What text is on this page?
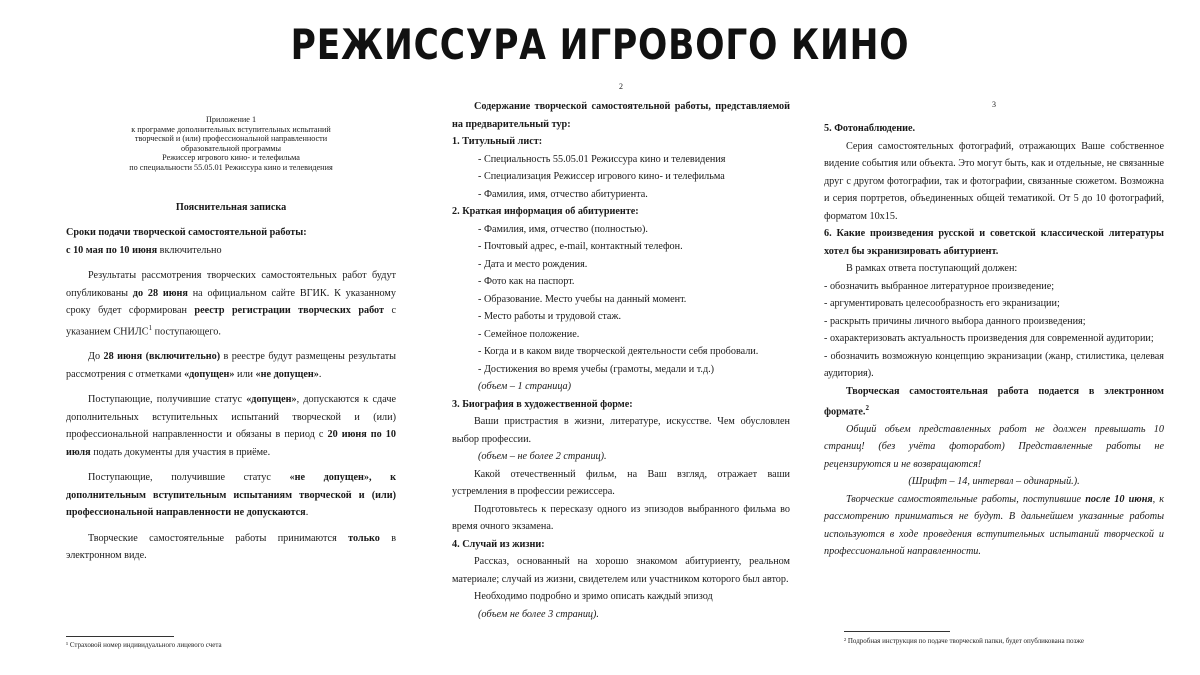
РЕЖИССУРА ИГРОВОГО КИНО
Приложение 1
к программе дополнительных вступительных испытаний
творческой и (или) профессиональной направленности
образовательной программы
Режиссер игрового кино- и телефильма
по специальности 55.05.01 Режиссура кино и телевидения

Пояснительная записка

Сроки подачи творческой самостоятельной работы:

с 10 мая по 10 июня включительно

Результаты рассмотрения творческих самостоятельных работ будут опубликованы до 28 июня на официальном сайте ВГИК. К указанному сроку будет сформирован реестр регистрации творческих работ с указанием СНИЛС$^1$ поступающего.

До 28 июня (включительно) в реестре будут размещены результаты рассмотрения с отметками «допущен» или «не допущен».

Поступающие, получившие статус «допущен», допускаются к сдаче дополнительных вступительных испытаний творческой и (или) профессиональной направленности и обязаны в период с 20 июня по 10 июля подать документы для участия в приёме.

Поступающие, получившие статус «не допущен», к дополнительным вступительным испытаниям творческой и (или) профессиональной направленности не допускаются.

Творческие самостоятельные работы принимаются только в электронном виде.

¹ Страховой номер индивидуального лицевого счета
2

Содержание творческой самостоятельной работы, представляемой на предварительный тур:

1. Титульный лист:

- Специальность 55.05.01 Режиссура кино и телевидения

- Специализация Режиссер игрового кино- и телефильма

- Фамилия, имя, отчество абитуриента.

2. Краткая информация об абитуриенте:

- Фамилия, имя, отчество (полностью).

- Почтовый адрес, e-mail, контактный телефон.

- Дата и место рождения.

- Фото как на паспорт.

- Образование. Место учебы на данный момент.

- Место работы и трудовой стаж.

- Семейное положение.

- Когда и в каком виде творческой деятельности себя пробовали.

- Достижения во время учебы (грамоты, медали и т.д.)

(объем – 1 страница)

3. Биография в художественной форме:

Ваши пристрастия в жизни, литературе, искусстве. Чем обусловлен выбор профессии.

(объем – не более 2 страниц).

Какой отечественный фильм, на Ваш взгляд, отражает ваши устремления в профессии режиссера.

Подготовьтесь к пересказу одного из эпизодов выбранного фильма во время очного экзамена.

4. Случай из жизни:

Рассказ, основанный на хорошо знакомом абитуриенту, реальном материале; случай из жизни, свидетелем или участником которого был автор.

Необходимо подробно и зримо описать каждый эпизод

(объем не более 3 страниц).

3

5. Фотонаблюдение.

Серия самостоятельных фотографий, отражающих Ваше собственное видение события или объекта. Это могут быть, как и отдельные, не связанные друг с другом фотографии, так и фотографии, связанные сюжетом. Возможна и серия портретов, объединенных общей тематикой. От 5 до 10 фотографий, форматом 10х15.

6. Какие произведения русской и советской классической литературы хотел бы экранизировать абитуриент.

В рамках ответа поступающий должен:

- обозначить выбранное литературное произведение;

- аргументировать целесообразность его экранизации;

- раскрыть причины личного выбора данного произведения;

- охарактеризовать актуальность произведения для современной аудитории;

- обозначить возможную концепцию экранизации (жанр, стилистика, целевая аудитория).

Творческая самостоятельная работа подается в электронном формате.$^2$

Общий объем представленных работ не должен превышать 10 страниц! (без учёта фоторабот) Представленные работы не рецензируются и не возвращаются!

(Шрифт – 14, интервал – одинарный.).

Творческие самостоятельные работы, поступившие после 10 июня, к рассмотрению приниматься не будут. В дальнейшем указанные работы используются в ходе проведения вступительных испытаний творческой и профессиональной направленности.

² Подробная инструкция по подаче творческой папки, будет опубликована позже
